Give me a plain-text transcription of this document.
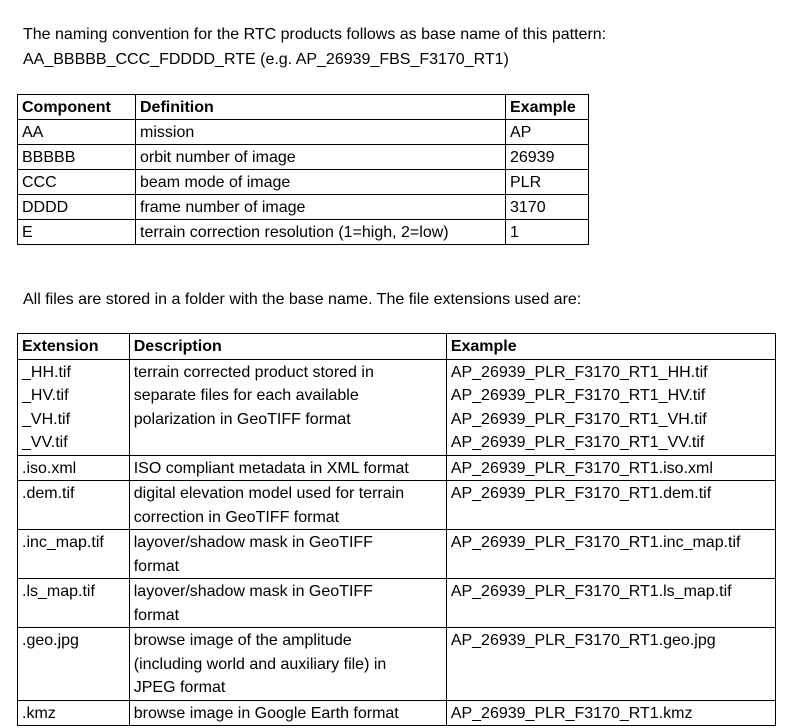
The naming convention for the RTC products follows as base name of this pattern:
AA_BBBBB_CCC_FDDDD_RTE (e.g. AP_26939_FBS_F3170_RT1)

Component	Definition	Example
AA	mission	AP
BBBBB	orbit number of image	26939
CCC	beam mode of image	PLR
DDDD	frame number of image	3170
E	terrain correction resolution (1=high, 2=low)	1

All files are stored in a folder with the base name. The file extensions used are:

Extension	Description	Example

_HH.tif
_HV.tif
_VH.tif
_VV.tif	terrain corrected product stored in
separate files for each available
polarization in GeoTIFF format	AP_26939_PLR_F3170_RT1_HH.tif
AP_26939_PLR_F3170_RT1_HV.tif
AP_26939_PLR_F3170_RT1_VH.tif
AP_26939_PLR_F3170_RT1_VV.tif

.iso.xml	ISO compliant metadata in XML format	AP_26939_PLR_F3170_RT1.iso.xml
.dem.tif	digital elevation model used for terrain
correction in GeoTIFF format	AP_26939_PLR_F3170_RT1.dem.tif
.inc_map.tif	layover/shadow mask in GeoTIFF
format	AP_26939_PLR_F3170_RT1.inc_map.tif
.ls_map.tif	layover/shadow mask in GeoTIFF
format	AP_26939_PLR_F3170_RT1.ls_map.tif
.geo.jpg	browse image of the amplitude
(including world and auxiliary file) in
JPEG format	AP_26939_PLR_F3170_RT1.geo.jpg
.kmz	browse image in Google Earth format	AP_26939_PLR_F3170_RT1.kmz
